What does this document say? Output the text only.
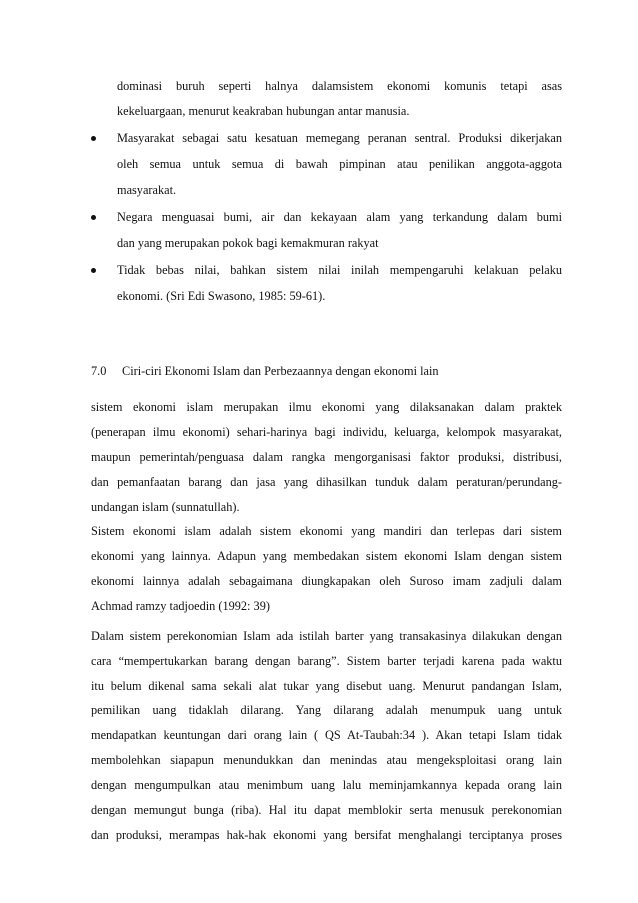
dominasi buruh seperti halnya dalamsistem ekonomi komunis tetapi asas
kekeluargaan, menurut keakraban hubungan antar manusia.
Masyarakat sebagai satu kesatuan memegang peranan sentral. Produksi dikerjakan
oleh semua untuk semua di bawah pimpinan atau penilikan anggota-aggota
masyarakat.
Negara menguasai bumi, air dan kekayaan alam yang terkandung dalam bumi
dan yang merupakan pokok bagi kemakmuran rakyat
Tidak bebas nilai, bahkan sistem nilai inilah mempengaruhi kelakuan pelaku
ekonomi. (Sri Edi Swasono, 1985: 59-61).
7.0 Ciri-ciri Ekonomi Islam dan Perbezaannya dengan ekonomi lain
sistem ekonomi islam merupakan ilmu ekonomi yang dilaksanakan dalam praktek
(penerapan ilmu ekonomi) sehari-harinya bagi individu, keluarga, kelompok masyarakat,
maupun pemerintah/penguasa dalam rangka mengorganisasi faktor produksi, distribusi,
dan pemanfaatan barang dan jasa yang dihasilkan tunduk dalam peraturan/perundang-
undangan islam (sunnatullah).
Sistem ekonomi islam adalah sistem ekonomi yang mandiri dan terlepas dari sistem
ekonomi yang lainnya. Adapun yang membedakan sistem ekonomi Islam dengan sistem
ekonomi lainnya adalah sebagaimana diungkapakan oleh Suroso imam zadjuli dalam
Achmad ramzy tadjoedin (1992: 39)
Dalam sistem perekonomian Islam ada istilah barter yang transakasinya dilakukan dengan
cara “mempertukarkan barang dengan barang”. Sistem barter terjadi karena pada waktu
itu belum dikenal sama sekali alat tukar yang disebut uang. Menurut pandangan Islam,
pemilikan uang tidaklah dilarang. Yang dilarang adalah menumpuk uang untuk
mendapatkan keuntungan dari orang lain ( QS At-Taubah:34 ). Akan tetapi Islam tidak
membolehkan siapapun menundukkan dan menindas atau mengeksploitasi orang lain
dengan mengumpulkan atau menimbum uang lalu meminjamkannya kepada orang lain
dengan memungut bunga (riba). Hal itu dapat memblokir serta menusuk perekonomian
dan produksi, merampas hak-hak ekonomi yang bersifat menghalangi terciptanya proses
